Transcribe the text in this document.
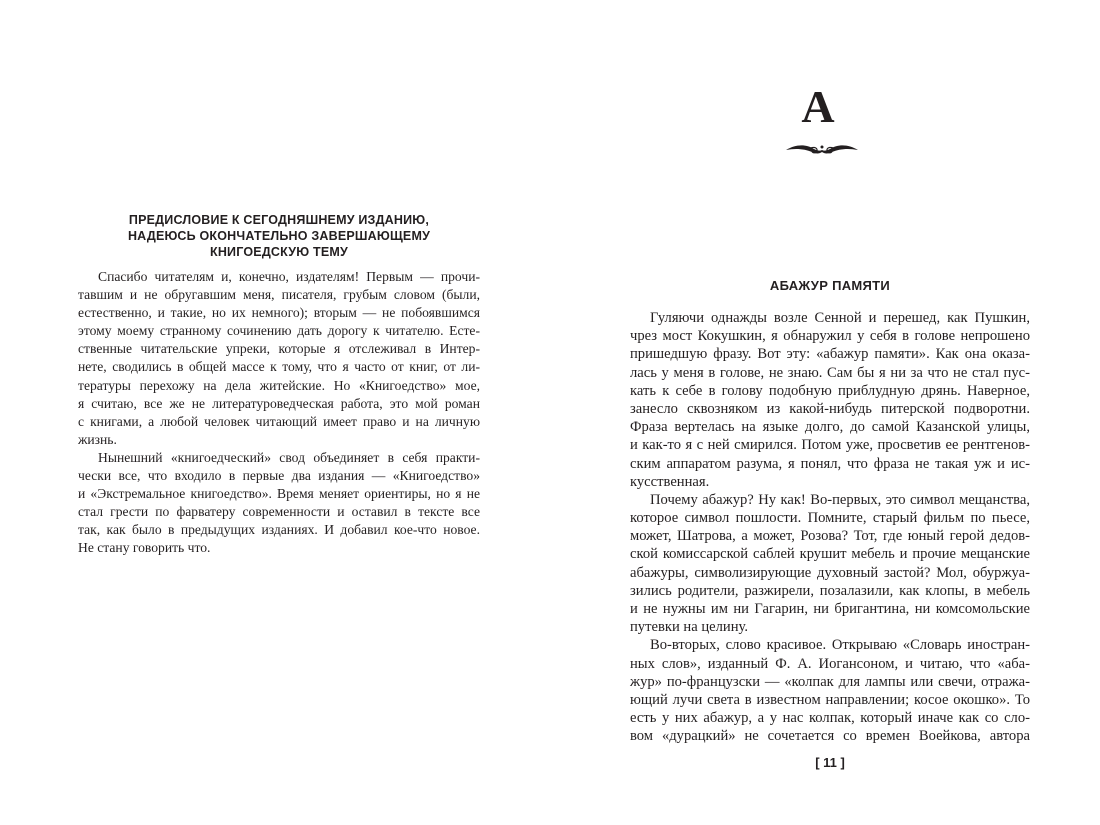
ПРЕДИСЛОВИЕ К СЕГОДНЯШНЕМУ ИЗДАНИЮ,
НАДЕЮСЬ ОКОНЧАТЕЛЬНО ЗАВЕРШАЮЩЕМУ
КНИГОЕДСКУЮ ТЕМУ
Спасибо читателям и, конечно, издателям! Первым — прочи-
тавшим и не обругавшим меня, писателя, грубым словом (были,
естественно, и такие, но их немного); вторым — не побоявшимся
этому моему странному сочинению дать дорогу к читателю. Есте-
ственные читательские упреки, которые я отслеживал в Интер-
нете, сводились в общей массе к тому, что я часто от книг, от ли-
тературы перехожу на дела житейские. Но «Книгоедство» мое,
я считаю, все же не литературоведческая работа, это мой роман
с книгами, а любой человек читающий имеет право и на личную
жизнь.
Нынешний «книгоедческий» свод объединяет в себя практи-
чески все, что входило в первые два издания — «Книгоедство»
и «Экстремальное книгоедство». Время меняет ориентиры, но я не
стал грести по фарватеру современности и оставил в тексте все
так, как было в предыдущих изданиях. И добавил кое-что новое.
Не стану говорить что.
А
АБАЖУР ПАМЯТИ
Гуляючи однажды возле Сенной и перешед, как Пушкин,
чрез мост Кокушкин, я обнаружил у себя в голове непрошено
пришедшую фразу. Вот эту: «абажур памяти». Как она оказа-
лась у меня в голове, не знаю. Сам бы я ни за что не стал пус-
кать к себе в голову подобную приблудную дрянь. Наверное,
занесло сквозняком из какой-нибудь питерской подворотни.
Фраза вертелась на языке долго, до самой Казанской улицы,
и как-то я с ней смирился. Потом уже, просветив ее рентгенов-
ским аппаратом разума, я понял, что фраза не такая уж и ис-
кусственная.
Почему абажур? Ну как! Во-первых, это символ мещанства,
которое символ пошлости. Помните, старый фильм по пьесе,
может, Шатрова, а может, Розова? Тот, где юный герой дедов-
ской комиссарской саблей крушит мебель и прочие мещанские
абажуры, символизирующие духовный застой? Мол, обуржуа-
зились родители, разжирели, позалазили, как клопы, в мебель
и не нужны им ни Гагарин, ни бригантина, ни комсомольские
путевки на целину.
Во-вторых, слово красивое. Открываю «Словарь иностран-
ных слов», изданный Ф. А. Иогансоном, и читаю, что «аба-
жур» по-французски — «колпак для лампы или свечи, отража-
ющий лучи света в известном направлении; косое окошко». То
есть у них абажур, а у нас колпак, который иначе как со сло-
вом «дурацкий» не сочетается со времен Воейкова, автора
[ 11 ]
